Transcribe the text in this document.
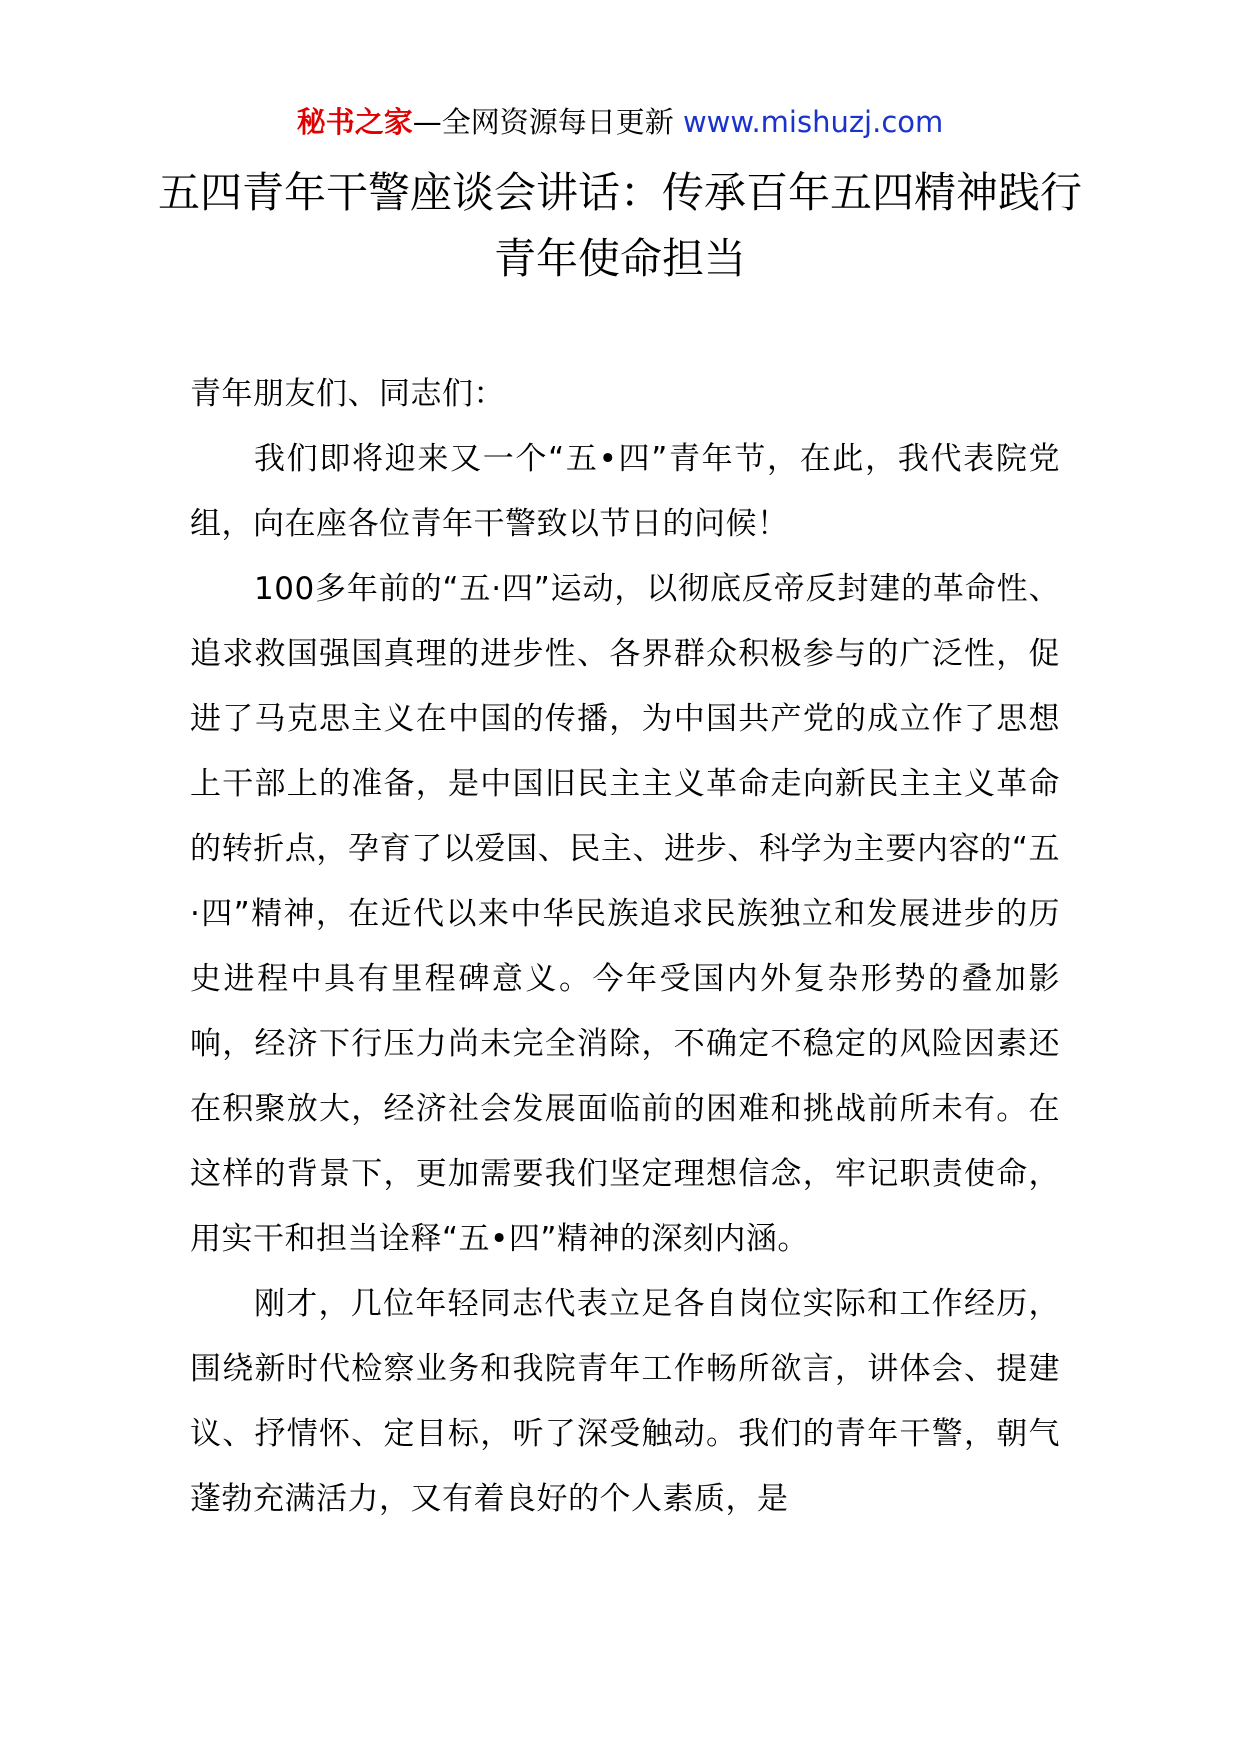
秘书之家—全网资源每日更新 www.mishuzj.com
五四青年干警座谈会讲话：传承百年五四精神践行青年使命担当

青年朋友们、同志们：

我们即将迎来又一个“五•四”青年节，在此，我代表院党组，向在座各位青年干警致以节日的问候！

100多年前的“五·四”运动，以彻底反帝反封建的革命性、追求救国强国真理的进步性、各界群众积极参与的广泛性，促进了马克思主义在中国的传播，为中国共产党的成立作了思想上干部上的准备，是中国旧民主主义革命走向新民主主义革命的转折点，孕育了以爱国、民主、进步、科学为主要内容的“五·四”精神，在近代以来中华民族追求民族独立和发展进步的历史进程中具有里程碑意义。今年受国内外复杂形势的叠加影响，经济下行压力尚未完全消除，不确定不稳定的风险因素还在积聚放大，经济社会发展面临前的困难和挑战前所未有。在这样的背景下，更加需要我们坚定理想信念，牢记职责使命，用实干和担当诠释“五•四”精神的深刻内涵。

刚才，几位年轻同志代表立足各自岗位实际和工作经历，围绕新时代检察业务和我院青年工作畅所欲言，讲体会、提建议、抒情怀、定目标，听了深受触动。我们的青年干警，朝气蓬勃充满活力，又有着良好的个人素质，是
